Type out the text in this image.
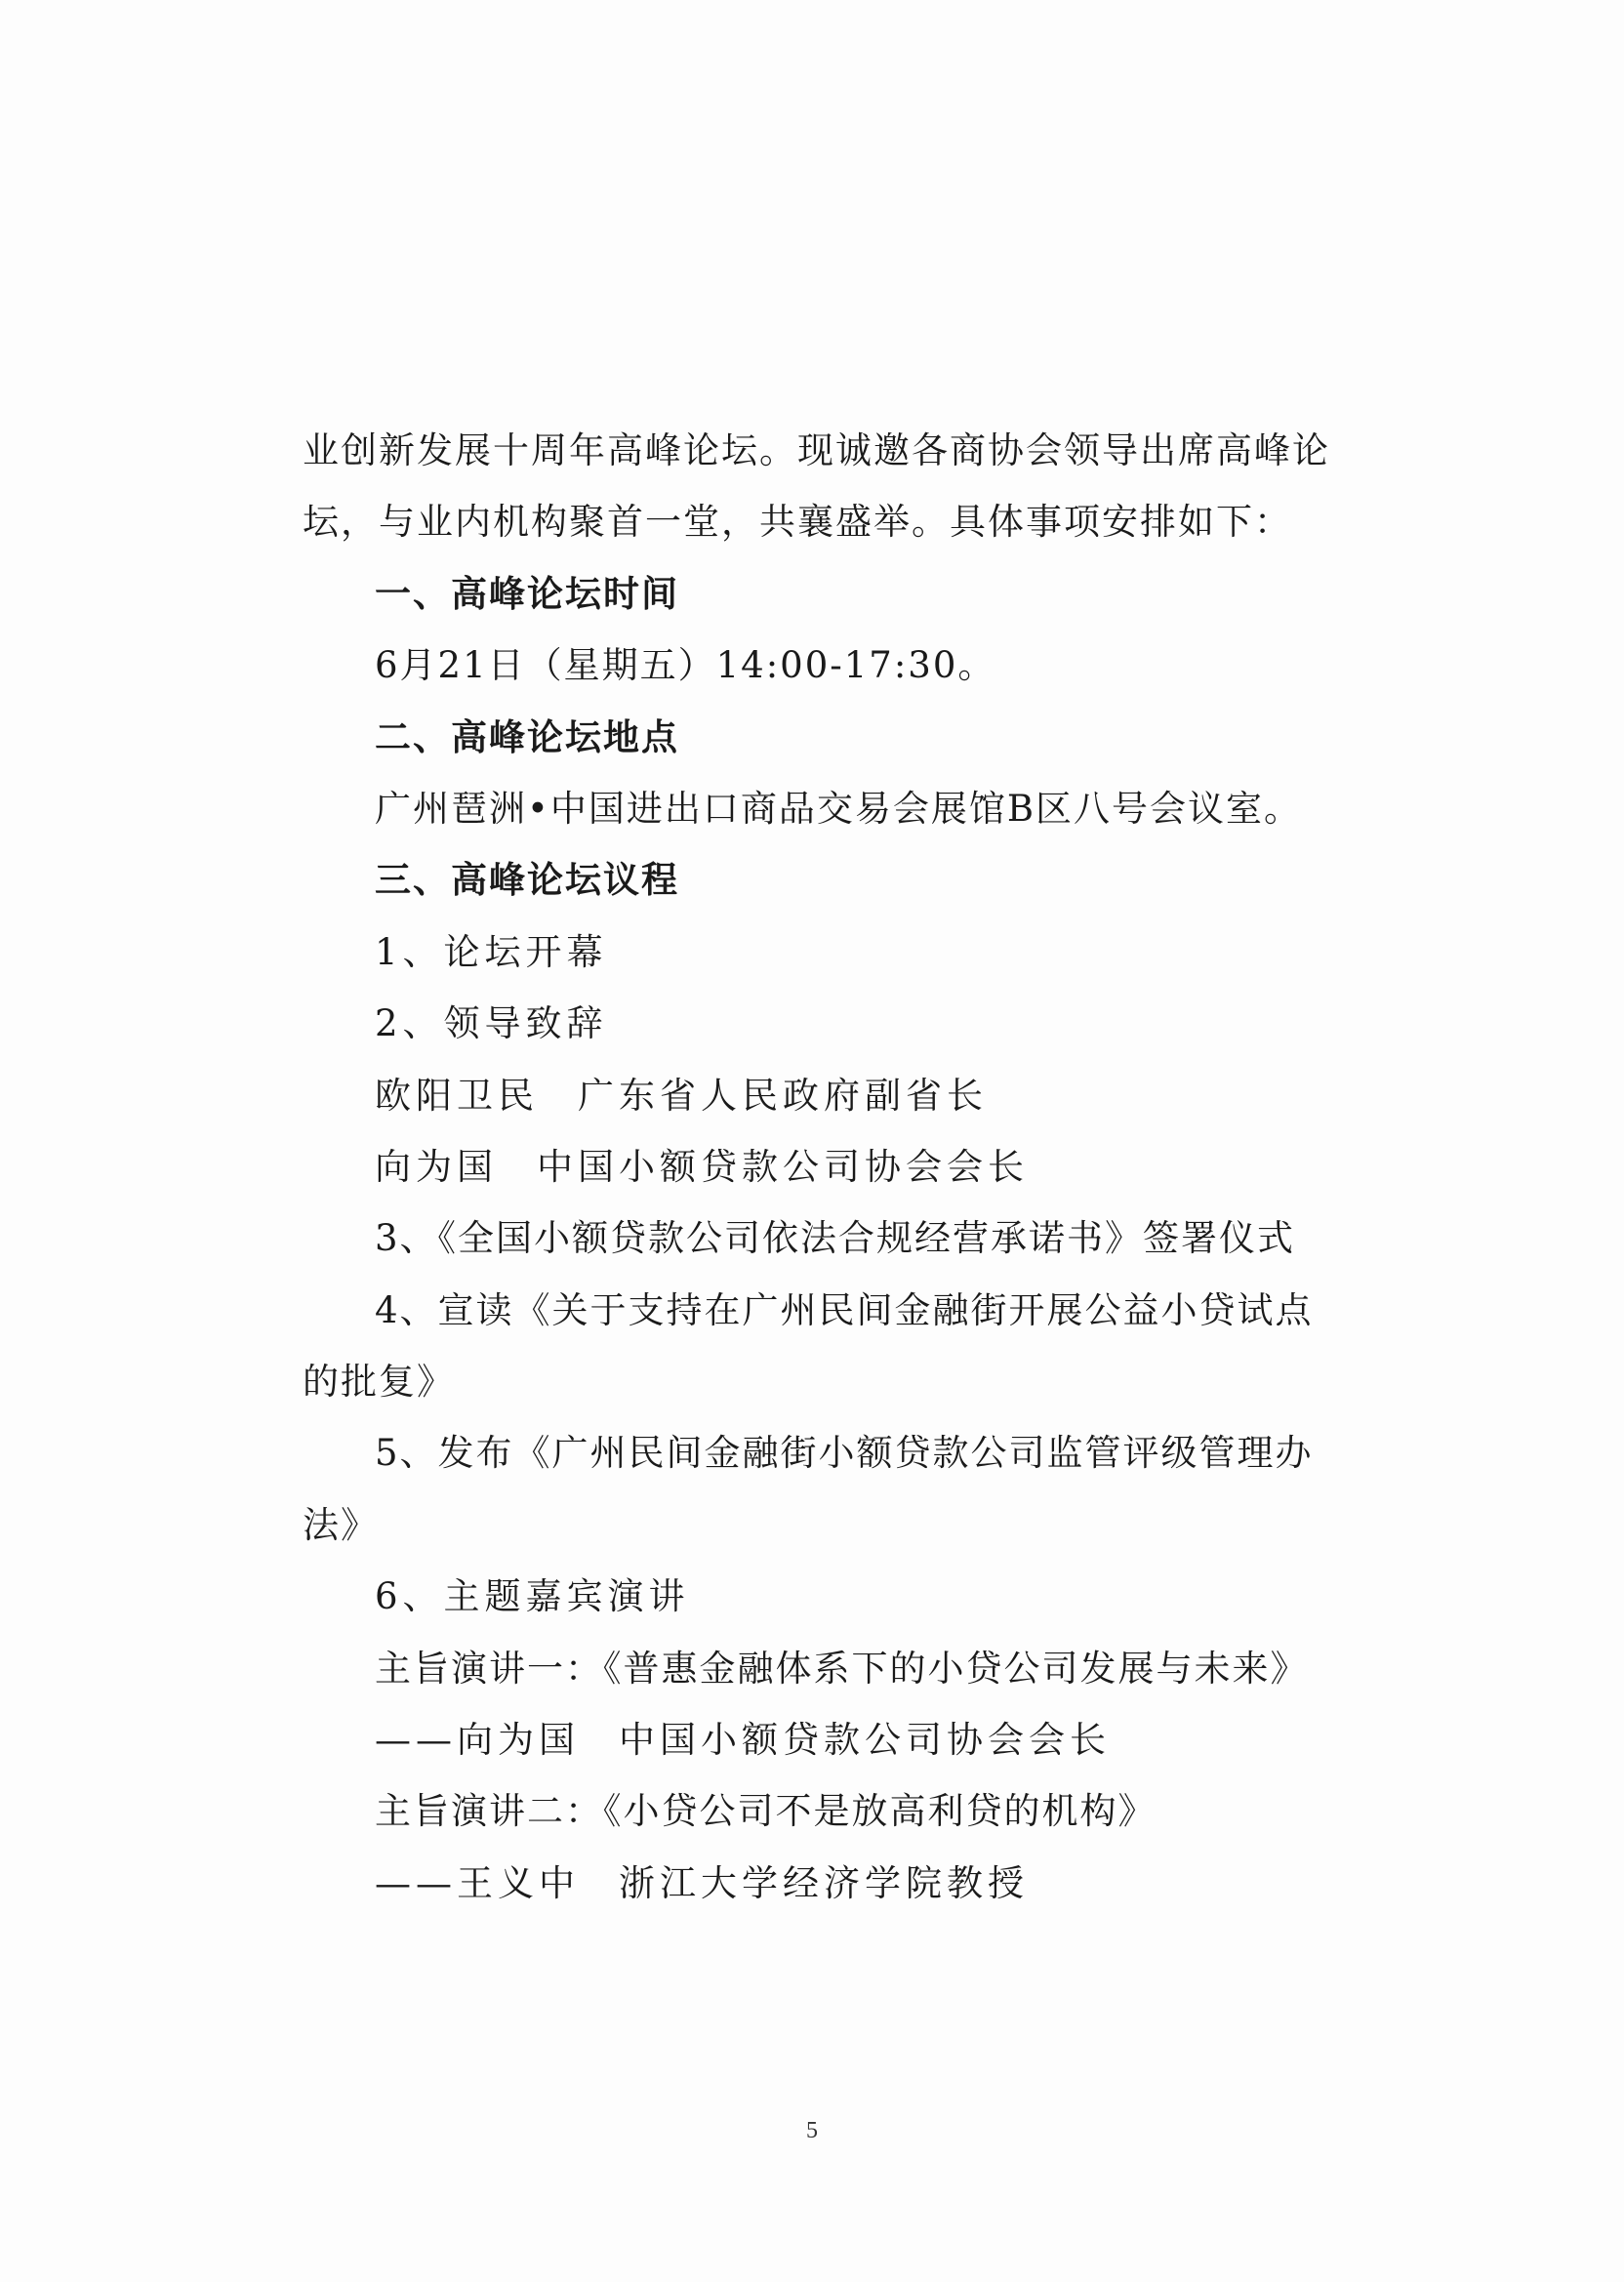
业创新发展十周年高峰论坛。现诚邀各商协会领导出席高峰论
坛，与业内机构聚首一堂，共襄盛举。具体事项安排如下：
一、高峰论坛时间
6月21日（星期五）14:00-17:30。
二、高峰论坛地点
广州琶洲•中国进出口商品交易会展馆B区八号会议室。
三、高峰论坛议程
1、论坛开幕
2、领导致辞
欧阳卫民 广东省人民政府副省长
向为国 中国小额贷款公司协会会长
3、《全国小额贷款公司依法合规经营承诺书》签署仪式
4、宣读《关于支持在广州民间金融街开展公益小贷试点
的批复》
5、发布《广州民间金融街小额贷款公司监管评级管理办
法》
6、主题嘉宾演讲
主旨演讲一：《普惠金融体系下的小贷公司发展与未来》
——向为国 中国小额贷款公司协会会长
主旨演讲二：《小贷公司不是放高利贷的机构》
——王义中 浙江大学经济学院教授
5
